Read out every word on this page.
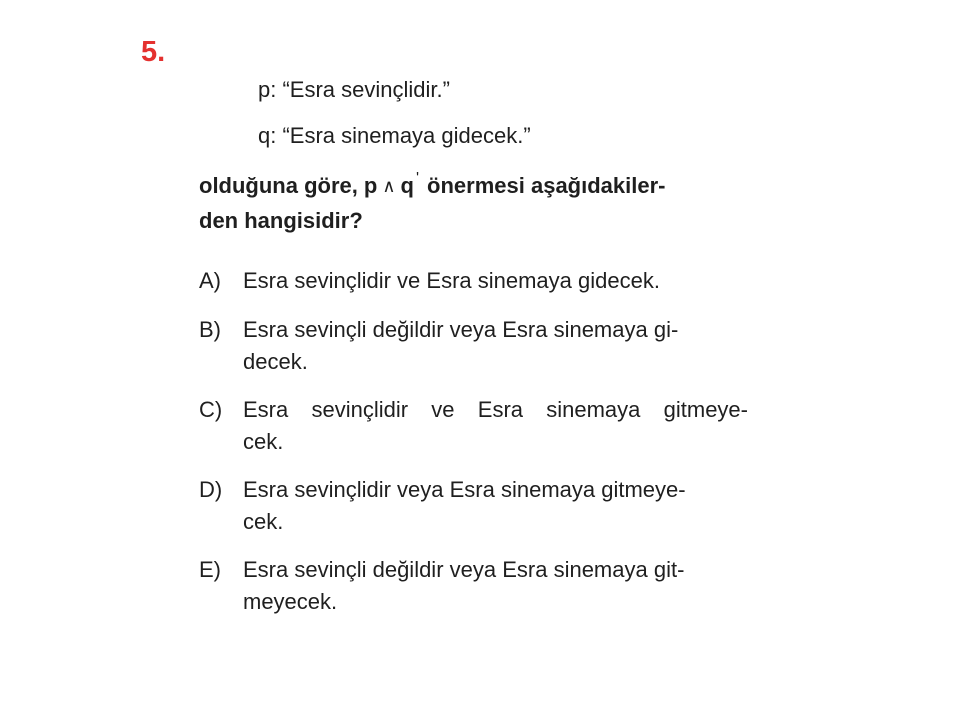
5.
p: “Esra sevinçlidir.”
q: “Esra sinemaya gidecek.”
olduğuna göre, p ∧ q ' önermesi aşağıdakiler-
den hangisidir?
A)	Esra sevinçlidir ve Esra sinemaya gidecek.
B)	Esra sevinçli değildir veya Esra sinemaya gi-
decek.
C) Esra sevinçlidir ve Esra sinemaya gitmeye-
cek.
D) Esra sevinçlidir veya Esra sinemaya gitmeye-
cek.
E)	Esra sevinçli değildir veya Esra sinemaya git-
meyecek.
